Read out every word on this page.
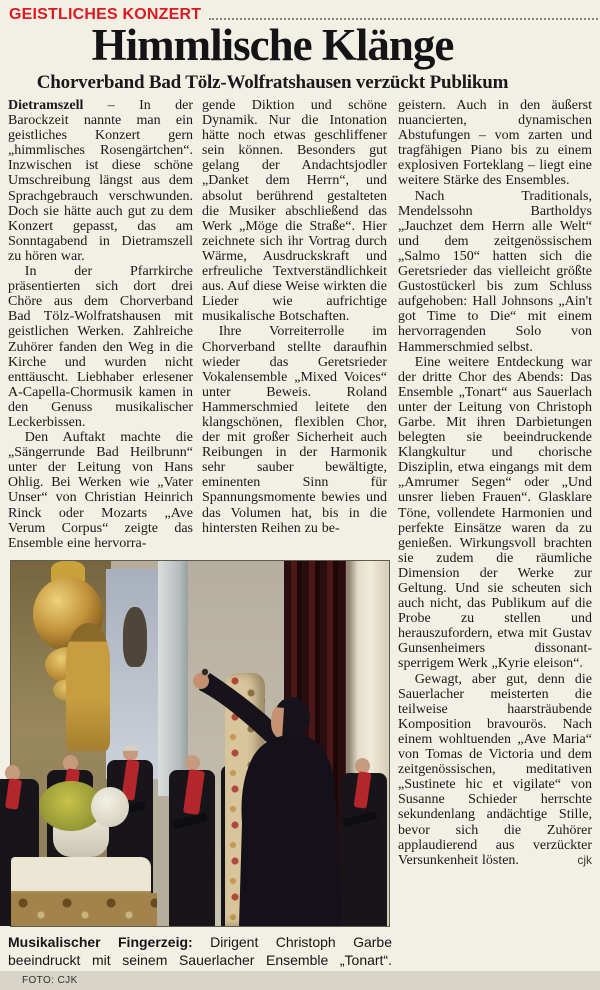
GEISTLICHES KONZERT
Himmlische Klänge
Chorverband Bad Tölz-Wolfratshausen verzückt Publikum

Dietramszell – In der Barockzeit nannte man ein geistliches Konzert gern „himmlisches Rosengärtchen“. Inzwischen ist diese schöne Umschreibung längst aus dem Sprachgebrauch verschwunden. Doch sie hätte auch gut zu dem Konzert gepasst, das am Sonntagabend in Dietramszell zu hören war.

In der Pfarrkirche präsentierten sich dort drei Chöre aus dem Chorverband Bad Tölz-Wolfratshausen mit geistlichen Werken. Zahlreiche Zuhörer fanden den Weg in die Kirche und wurden nicht enttäuscht. Liebhaber erlesener A-Capella-Chormusik kamen in den Genuss musikalischer Leckerbissen.

Den Auftakt machte die „Sängerrunde Bad Heilbrunn“ unter der Leitung von Hans Ohlig. Bei Werken wie „Vater Unser“ von Christian Heinrich Rinck oder Mozarts „Ave Verum Corpus“ zeigte das Ensemble eine hervorra-

gende Diktion und schöne Dynamik. Nur die Intonation hätte noch etwas geschliffener sein können. Besonders gut gelang der Andachtsjodler „Danket dem Herrn“, und absolut berührend gestalteten die Musiker abschließend das Werk „Möge die Straße“. Hier zeichnete sich ihr Vortrag durch Wärme, Ausdruckskraft und erfreuliche Textverständlichkeit aus. Auf diese Weise wirkten die Lieder wie aufrichtige musikalische Botschaften.

Ihre Vorreiterrolle im Chorverband stellte daraufhin wieder das Geretsrieder Vokalensemble „Mixed Voices“ unter Beweis. Roland Hammerschmied leitete den klangschönen, flexiblen Chor, der mit großer Sicherheit auch Reibungen in der Harmonik sehr sauber bewältigte, eminenten Sinn für Spannungsmomente bewies und das Volumen hat, bis in die hintersten Reihen zu be-

geistern. Auch in den äußerst nuancierten, dynamischen Abstufungen – vom zarten und tragfähigen Piano bis zu einem explosiven Forteklang – liegt eine weitere Stärke des Ensembles.

Nach Traditionals, Mendelssohn Bartholdys „Jauchzet dem Herrn alle Welt“ und dem zeitgenössischem „Salmo 150“ hatten sich die Geretsrieder das vielleicht größte Gustostückerl bis zum Schluss aufgehoben: Hall Johnsons „Ain't got Time to Die“ mit einem hervorragenden Solo von Hammerschmied selbst.

Eine weitere Entdeckung war der dritte Chor des Abends: Das Ensemble „Tonart“ aus Sauerlach unter der Leitung von Christoph Garbe. Mit ihren Darbietungen belegten sie beeindruckende Klangkultur und chorische Disziplin, etwa eingangs mit dem „Amrumer Segen“ oder „Und unsrer lieben Frauen“. Glasklare Töne, vollendete Harmonien und perfekte Einsätze waren da zu genießen. Wirkungsvoll brachten sie zudem die räumliche Dimension der Werke zur Geltung. Und sie scheuten sich auch nicht, das Publikum auf die Probe zu stellen und herauszufordern, etwa mit Gustav Gunsenheimers dissonant-sperrigem Werk „Kyrie eleison“.

Gewagt, aber gut, denn die Sauerlacher meisterten die teilweise haarsträubende Komposition bravourös. Nach einem wohltuenden „Ave Maria“ von Tomas de Victoria und dem zeitgenössischen, meditativen „Sustinete hic et vigilate“ von Susanne Schieder herrschte sekundenlang andächtige Stille, bevor sich die Zuhörer applaudierend aus verzückter Versunkenheit lösten.	cjk
Musikalischer Fingerzeig: Dirigent Christoph Garbe beeindruckt mit seinem Sauerlacher Ensemble „Tonart“. FOTO: CJK
